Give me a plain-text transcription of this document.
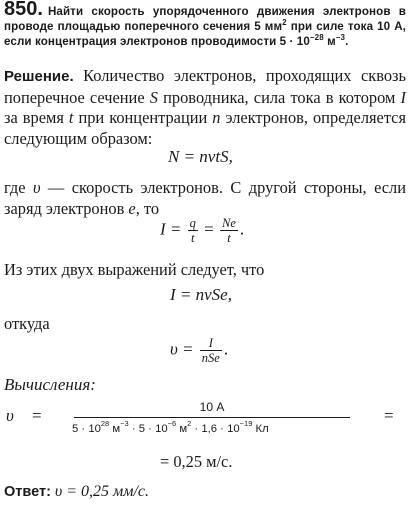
850. Найти скорость упорядоченного движения электронов в проводе площадью поперечного сечения 5 $мм^2$ при силе тока 10 А, если концентрация электронов проводимости $5 \cdot 10^{-28}$ $м^{-3}$.
Решение. Количество электронов, проходящих сквозь поперечное сечение S проводника, сила тока в котором I за время t при концентрации n электронов, определяется следующим образом:
N = nvtS,
где υ — скорость электронов. С другой стороны, если заряд электронов e, то
$I = \frac{q}{t} = \frac{Ne}{t}$ .
Из этих двух выражений следует, что
I = nvSe,
откуда
$\upsilon = \frac{I}{\text{nSe}}$ .
Вычисления:
υ =	10 А
$5 \cdot 10^{28}$ $м^{-3} \cdot 5 \cdot 10^{-6}$ $м^2 \cdot 1,6 \cdot 10^{-19}$ Кл
=
= 0,25 м/с.
Ответ: υ = 0,25 мм/с.
